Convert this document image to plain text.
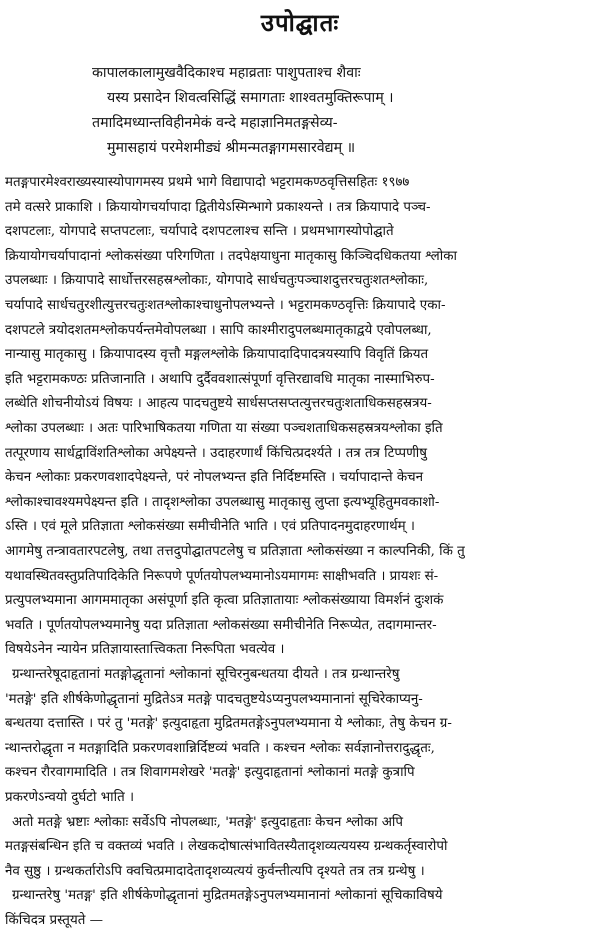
उपोद्घातः
कापालकालामुखवैदिकाश्च महाव्रताः पाशुपताश्च शैवाः
यस्य प्रसादेन शिवत्वसिद्धिं समागताः शाश्वतमुक्तिरूपाम् ।
तमादिमध्यान्तविहीनमेकं वन्दे महाज्ञानिमतङ्गसेव्य-
मुमासहायं परमेशमीड्यं श्रीमन्मतङ्गागमसारवेद्यम् ॥
मतङ्गपारमेश्वराख्यस्यास्योपागमस्य प्रथमे भागे विद्यापादो भट्टरामकण्ठवृत्तिसहितः १९७७
तमे वत्सरे प्राकाशि । क्रियायोगचर्यापादा द्वितीयेऽस्मिन्भागे प्रकाश्यन्ते । तत्र क्रियापादे पञ्च-
दशपटलाः, योगपादे सप्तपटलाः, चर्यापादे दशपटलाश्च सन्ति । प्रथमभागस्योपोद्घाते
क्रियायोगचर्यापादानां श्लोकसंख्या परिगणिता । तदपेक्षयाधुना मातृकासु किञ्चिदधिकतया श्लोका
उपलब्धाः । क्रियापादे सार्धोत्तरसहस्रश्लोकाः, योगपादे सार्धचतुःपञ्चाशदुत्तरचतुःशतश्लोकाः,
चर्यापादे सार्धचतुरशीत्युत्तरचतुःशतश्लोकाश्चाधुनोपलभ्यन्ते । भट्टरामकण्ठवृत्तिः क्रियापादे एका-
दशपटले त्रयोदशतमश्लोकपर्यन्तमेवोपलब्धा । सापि काश्मीरादुपलब्धमातृकाद्वये एवोपलब्धा,
नान्यासु मातृकासु । क्रियापादस्य वृत्तौ मङ्गलश्लोके क्रियापादादिपादत्रयस्यापि विवृतिं क्रियत
इति भट्टरामकण्ठः प्रतिजानाति । अथापि दुर्दैववशात्संपूर्णा वृत्तिरद्यावधि मातृका नास्माभिरुप-
लब्धेति शोचनीयोऽयं विषयः । आहत्य पादचतुष्टये सार्धसप्तसप्तत्युत्तरचतुःशताधिकसहस्रत्रय-
श्लोका उपलब्धाः । अतः पारिभाषिकतया गणिता या संख्या पञ्चशताधिकसहस्रत्रयश्लोका इति
तत्पूरणाय सार्धद्वाविंशतिश्लोका अपेक्ष्यन्ते । उदाहरणार्थं किंचित्प्रदर्श्यते । तत्र तत्र टिप्पणीषु
केचन श्लोकाः प्रकरणवशादपेक्ष्यन्ते, परं नोपलभ्यन्त इति निर्दिष्टमस्ति । चर्यापादान्ते केचन
श्लोकाश्चावश्यमपेक्ष्यन्त इति । तादृशश्लोका उपलब्धासु मातृकासु लुप्ता इत्यभ्यूहितुमवकाशो-
ऽस्ति । एवं मूले प्रतिज्ञाता श्लोकसंख्या समीचीनेति भाति । एवं प्रतिपादनमुदाहरणार्थम् ।
आगमेषु तन्त्रावतारपटलेषु, तथा तत्तदुपोद्घातपटलेषु च प्रतिज्ञाता श्लोकसंख्या न काल्पनिकी, किं तु
यथावस्थितवस्तुप्रतिपादिकेति निरूपणे पूर्णतयोपलभ्यमानोऽयमागमः साक्षीभवति । प्रायशः सं-
प्रत्युपलभ्यमाना आगममातृका असंपूर्णा इति कृत्वा प्रतिज्ञातायाः श्लोकसंख्याया विमर्शनं दुःशकं
भवति । पूर्णतयोपलभ्यमानेषु यदा प्रतिज्ञाता श्लोकसंख्या समीचीनेति निरूप्येत, तदागमान्तर-
विषयेऽनेन न्यायेन प्रतिज्ञायास्तात्त्विकता निरूपिता भवत्येव ।
ग्रन्थान्तरेषूदाहृतानां मतङ्गोद्धृतानां श्लोकानां सूचिरनुबन्धतया दीयते । तत्र ग्रन्थान्तरेषु
'मतङ्गे' इति शीर्षकेणोद्धृतानां मुद्रितेऽत्र मतङ्गे पादचतुष्टयेऽप्यनुपलभ्यमानानां सूचिरेकाप्यनु-
बन्धतया दत्तास्ति । परं तु 'मतङ्गे' इत्युदाहृता मुद्रितमतङ्गेऽनुपलभ्यमाना ये श्लोकाः, तेषु केचन ग्र-
न्थान्तरोद्धृता न मतङ्गादिति प्रकरणवशान्निर्दिष्टव्यं भवति । कश्चन श्लोकः सर्वज्ञानोत्तरादुद्धृतः,
कश्चन रौरवागमादिति । तत्र शिवागमशेखरे 'मतङ्गे' इत्युदाहृतानां श्लोकानां मतङ्गे कुत्रापि
प्रकरणेऽन्वयो दुर्घटो भाति ।
अतो मतङ्गे भ्रष्टाः श्लोकाः सर्वेऽपि नोपलब्धाः, 'मतङ्गे' इत्युदाहृताः केचन श्लोका अपि
मतङ्गसंबन्धिन इति च वक्तव्यं भवति । लेखकदोषात्संभावितस्यैतादृशव्यत्ययस्य ग्रन्थकर्तृस्वारोपो
नैव सुष्ठु । ग्रन्थकर्तारोऽपि क्वचित्प्रमादादेतादृशव्यत्ययं कुर्वन्तीत्यपि दृश्यते तत्र तत्र ग्रन्थेषु ।
ग्रन्थान्तरेषु 'मतङ्ग' इति शीर्षकेणोद्धृतानां मुद्रितमतङ्गेऽनुपलभ्यमानानां श्लोकानां सूचिकाविषये
किंचिदत्र प्रस्तूयते —
